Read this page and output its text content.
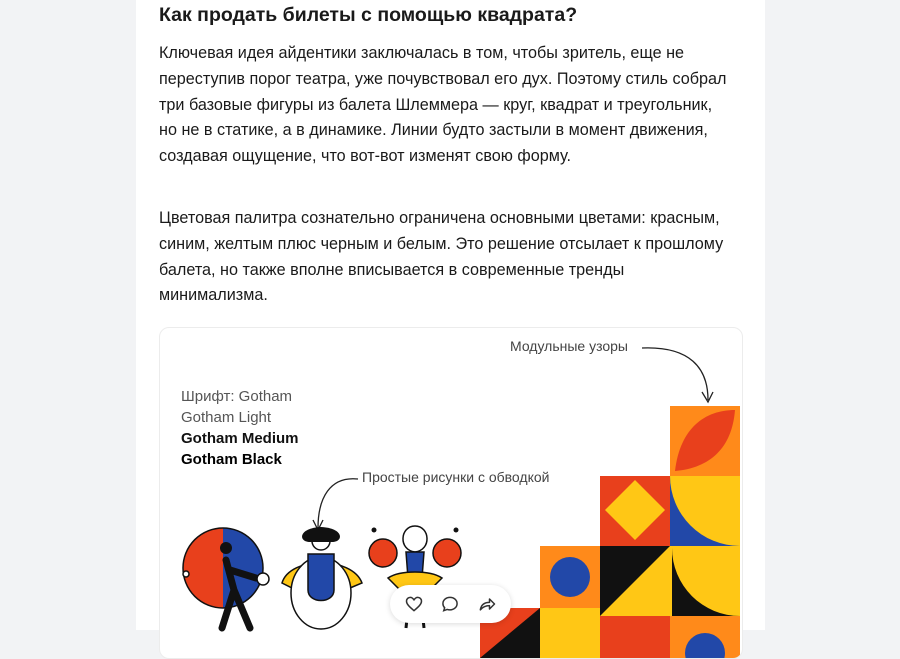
Как продать билеты с помощью квадрата?

Ключевая идея айдентики заключалась в том, чтобы зритель, еще не переступив порог театра, уже почувствовал его дух. Поэтому стиль собрал три базовые фигуры из балета Шлеммера — круг, квадрат и треугольник, но не в статике, а в динамике. Линии будто застыли в момент движения, создавая ощущение, что вот-вот изменят свою форму.

Цветовая палитра сознательно ограничена основными цветами: красным, синим, желтым плюс черным и белым. Это решение отсылает к прошлому балета, но также вполне вписывается в современные тренды минимализма.

Шрифт: Gotham
Gotham Light
Gotham Medium
Gotham Black
Модульные узоры
Простые рисунки с обводкой
